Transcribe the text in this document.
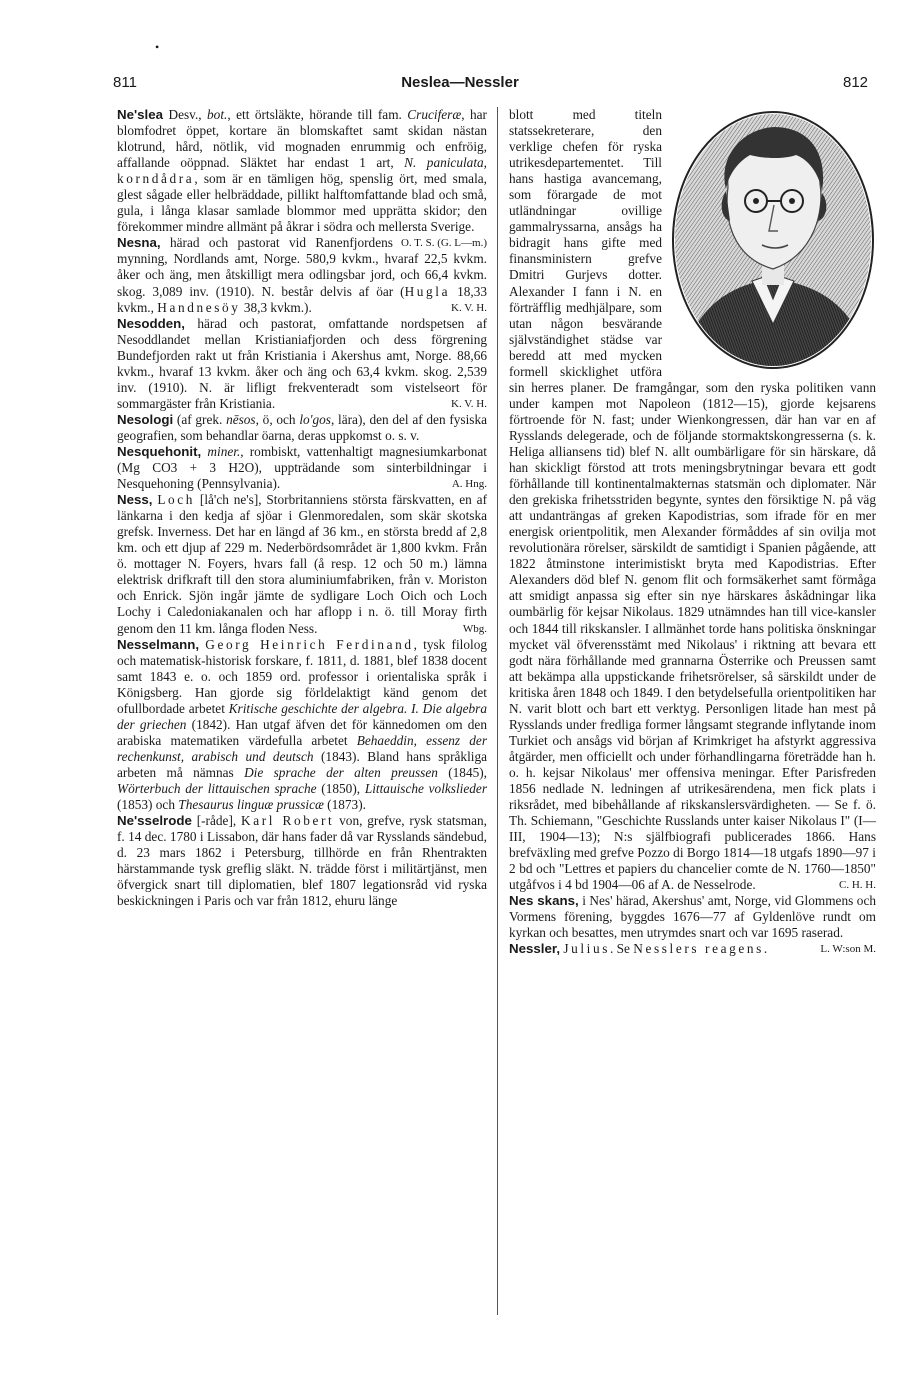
•
811	Neslea—Nessler	812

Ne'slea Desv., bot., ett örtsläkte, hörande till fam. Cruciferæ, har blomfodret öppet, kortare än blomskaftet samt skidan nästan klotrund, hård, nötlik, vid mognaden enrummig och enfröig, affallande oöppnad. Släktet har endast 1 art, N. paniculata, korndådra, som är en tämligen hög, spenslig ört, med smala, glest sågade eller helbräddade, pillikt halftomfattande blad och små, gula, i långa klasar samlade blommor med upprätta skidor; den förekommer mindre allmänt på åkrar i södra och mellersta Sverige.
O. T. S. (G. L—m.)

Nesna, härad och pastorat vid Ranenfjordens mynning, Nordlands amt, Norge. 580,9 kvkm., hvaraf 22,5 kvkm. åker och äng, men åtskilligt mera odlingsbar jord, och 66,4 kvkm. skog. 3,089 inv. (1910). N. består delvis af öar (Hugla 18,33 kvkm., Handnesöy 38,3 kvkm.).	K. V. H.

Nesodden, härad och pastorat, omfattande nordspetsen af Nesoddlandet mellan Kristianiafjorden och dess förgrening Bundefjorden rakt ut från Kristiania i Akershus amt, Norge. 88,66 kvkm., hvaraf 13 kvkm. åker och äng och 63,4 kvkm. skog. 2,539 inv. (1910). N. är lifligt frekventeradt som vistelseort för sommargäster från Kristiania.	K. V. H.

Nesologi (af grek. nēsos, ö, och lo'gos, lära), den del af den fysiska geografien, som behandlar öarna, deras uppkomst o. s. v.

Nesquehonit, miner., rombiskt, vattenhaltigt magnesiumkarbonat (Mg CO3 + 3 H2O), uppträdande som sinterbildningar i Nesquehoning (Pennsylvania).	A. Hng.

Ness, Loch [lå'ch ne's], Storbritanniens största färskvatten, en af länkarna i den kedja af sjöar i Glenmoredalen, som skär skotska grefsk. Inverness. Det har en längd af 36 km., en största bredd af 2,8 km. och ett djup af 229 m. Nederbördsområdet är 1,800 kvkm. Från ö. mottager N. Foyers, hvars fall (å resp. 12 och 50 m.) lämna elektrisk drifkraft till den stora aluminiumfabriken, från v. Moriston och Enrick. Sjön ingår jämte de sydligare Loch Oich och Loch Lochy i Caledoniakanalen och har aflopp i n. ö. till Moray firth genom den 11 km. långa floden Ness.	Wbg.

Nesselmann, Georg Heinrich Ferdinand, tysk filolog och matematisk-historisk forskare, f. 1811, d. 1881, blef 1838 docent samt 1843 e. o. och 1859 ord. professor i orientaliska språk i Königsberg. Han gjorde sig förldelaktigt känd genom det ofullbordade arbetet Kritische geschichte der algebra. I. Die algebra der griechen (1842). Han utgaf äfven det för kännedomen om den arabiska matematiken värdefulla arbetet Behaeddin, essenz der rechenkunst, arabisch und deutsch (1843). Bland hans språkliga arbeten må nämnas Die sprache der alten preussen (1845), Wörterbuch der littauischen sprache (1850), Littauische volkslieder (1853) och Thesaurus linguæ prussicæ (1873).

Ne'sselrode [-råde], Karl Robert von, grefve, rysk statsman, f. 14 dec. 1780 i Lissabon, där hans fader då var Rysslands sändebud, d. 23 mars 1862 i Petersburg, tillhörde en från Rhentrakten härstammande tysk greflig släkt. N. trädde först i militärtjänst, men öfvergick snart till diplomatien, blef 1807 legationsråd vid ryska beskickningen i Paris och var från 1812, ehuru länge

blott med titeln statssekreterare, den verklige chefen för ryska utrikesdepartementet. Till hans hastiga avancemang, som förargade de mot utländningar ovillige gammalryssarna, ansågs ha bidragit hans gifte med finansministern grefve Dmitri Gurjevs dotter. Alexander I fann i N. en förträfflig medhjälpare, som utan någon besvärande självständighet städse var beredd att med mycken formell skicklighet utföra sin herres planer. De framgångar, som den ryska politiken vann under kampen mot Napoleon (1812—15), gjorde kejsarens förtroende för N. fast; under Wienkongressen, där han var en af Rysslands delegerade, och de följande stormaktskongresserna (s. k. Heliga alliansens tid) blef N. allt oumbärligare för sin härskare, då han skickligt förstod att trots meningsbrytningar bevara ett godt förhållande till kontinentalmakternas statsmän och diplomater. När den grekiska frihetsstriden begynte, syntes den försiktige N. på väg att undanträngas af greken Kapodistrias, som ifrade för en mer energisk orientpolitik, men Alexander förmåddes af sin ovilja mot revolutionära rörelser, särskildt de samtidigt i Spanien pågående, att 1822 åtminstone interimistiskt bryta med Kapodistrias. Efter Alexanders död blef N. genom flit och formsäkerhet samt förmåga att smidigt anpassa sig efter sin nye härskares åskådningar lika oumbärlig för kejsar Nikolaus. 1829 utnämndes han till vice-kansler och 1844 till rikskansler. I allmänhet torde hans politiska önskningar mycket väl öfverensstämt med Nikolaus' i riktning att bevara ett godt nära förhållande med grannarna Österrike och Preussen samt att bekämpa alla uppstickande frihetsrörelser, så särskildt under de kritiska åren 1848 och 1849. I den betydelsefulla orientpolitiken har N. varit blott och bart ett verktyg. Personligen litade han mest på Rysslands under fredliga former långsamt stegrande inflytande inom Turkiet och ansågs vid början af Krimkriget ha afstyrkt aggressiva åtgärder, men officiellt och under förhandlingarna företrädde han h. o. h. kejsar Nikolaus' mer offensiva meningar. Efter Parisfreden 1856 nedlade N. ledningen af utrikesärendena, men fick plats i riksrådet, med bibehållande af rikskanslersvärdigheten. — Se f. ö. Th. Schiemann, "Geschichte Russlands unter kaiser Nikolaus I" (I—III, 1904—13); N:s själfbiografi publicerades 1866. Hans brefväxling med grefve Pozzo di Borgo 1814—18 utgafs 1890—97 i 2 bd och "Lettres et papiers du chancelier comte de N. 1760—1850" utgåfvos i 4 bd 1904—06 af A. de Nesselrode.	C. H. H.

Nes skans, i Nes' härad, Akershus' amt, Norge, vid Glommens och Vormens förening, byggdes 1676—77 af Gyldenlöve rundt om kyrkan och besattes, men utrymdes snart och var 1695 raserad.
L. W:son M.

Nessler, Julius. Se Nesslers reagens.
